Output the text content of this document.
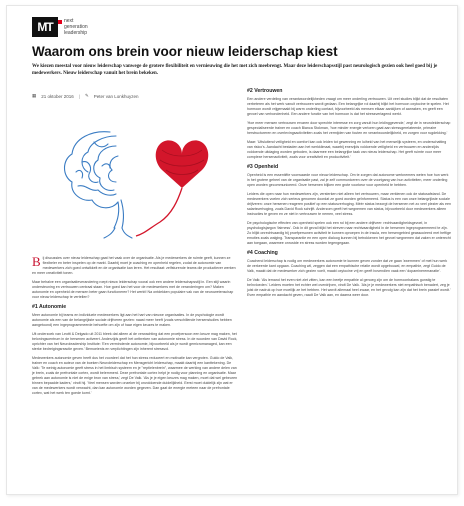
MT	next
generation
leadership
Waarom ons brein voor nieuw leiderschap kiest
We kiezen meestal voor nieuw leiderschap vanwege de grotere flexibiliteit en vernieuwing die het met zich meebrengt. Maar deze leiderschapsstijl past neurologisch gezien ook heel goed bij je medewerkers. Nieuw leiderschap vanuit het brein bekeken.
▦ 21 oktober 2016 | ✎ Peter van Lonkhuyzen

Bij discussies over nieuw leiderschap gaat het vaak over de organisatie. Als je medewerkers de ruimte geeft, kunnen ze flexibeler en beter inspelen op de markt. Daarbij moet je coaching en openheid regelen, zodat de autonomie van medewerkers zich goed ontwikkelt en de organisatie kan leren. Het resultaat: zelfsturende teams die productiever werken en meer creativiteit tonen.

Maar behalve een organisatieverandering roept nieuw leiderschap vooral ook een andere leiderschapsstijl in. Een stijl waarin ondersteuning en vertrouwen centraal staan. Hoe goed kan het voor de medewerkers met de veranderingen om? Maken autonomie en openheid de mensen beter gaan functioneren? Het werkt! Na ontdekken populaire vak van de neurowetenschap voor nieuw leiderschap te vertellen?

#1 Autonomie

Meer autonomie bij teams en individuele medewerkers ligt aan het hart van nieuwe organisaties. In de psychologie wordt autonomie als een van de belangrijkste sociale drijfveren gezien: naast meer heeft (zoals verschillende hersenstudies hebben aangetoond) een ingeprogrammeerde behoefte om zijn of haar eigen keuzes te maken.

Uit onderzoek van Leotti & Delgado uit 2011 bleek dat alleen al de verwachting dat een proefpersoon een keuze mag maken, het beloningscentrum in de hersenen activeert. Anderzijds geeft het ontbreken van autonomie stress. In de woorden van David Rock, oprichter van het Neuroleadership Institute: 'Een verminderde autonomie, bijvoorbeeld als je wordt gemicromanaged, kan een sterke bedreigingsreactie geven.' Bemoeienis en verplichtingen zijn inherent stressvol.

Medewerkers autonomie geven heeft dus het voordeel dat het hun stress reduceert en motivatie kan vergroten. Guido de Valk, trainer en coach en auteur van de boeken Neuroleiderschap en Mensgericht leiderschap, maakt daarbij een kanttekening. De Valk: 'Te weinig autonomie geeft stress in het limbisch systeem en je "reptielenbrein", waarmee de werking van andere delen van je brein, zoals de prefrontale cortex, wordt belemmerd. Deze prefrontale cortex helpt je nodig voor planning en organisatie. Maar gebrek aan autonomie is niet de enige bron van stress,' zegt De Valk. 'Als je je eigen keuzes mag maken, moet dat wel gebeuren binnen bepaalde kaders,' vindt hij. 'Veel mensen worden onzeker bij onvoldoende duidelijkheid. Eerst moet duidelijk zijn wat er van de medewerkers wordt verwacht, dan kan autonomie worden gegeven. Dan gaat de energie meteen naar de prefrontale cortex, wat het werk ten goede komt.'

#2 Vertrouwen

Een andere verdeling van verantwoordelijkheden vraagt om meer onderling vertrouwen. Uit veel studies blijkt dat de resultaten verbeteren als het werk vanuit vertrouwen wordt gedaan. Een belangrijke rol daarbij blijkt het hormoon oxytocine te spelen. Het hormoon wordt vrijgemaakt bij warm onderling contact, bijvoorbeeld als mensen elkaar aankijken of aanraken, en geeft een gevoel van verbondenheid. Een andere functie van het hormoon is dat het stressverlagend werkt.

'Hoe meer mensen vertrouwen ervaren door sprechte interesse en zorg vanuit hun leidinggevende,' zegt de in neuroleiderschap gespecialiseerde trainer en coach Bianca Stokman, 'hoe minder energie verloren gaat aan stressgerelateerde, primaire herstructureren en overlevingsactiviteiten zoals het vermijden van fouten en verantwoordelijkheid, en zorgen voor rugdekking.'

Maar: 'Uitsluitend veiligheid en comfort kan ook leiden tot gewenning en luiheid van het menselijk systeem, en onderschatting van risico's. Aandacht bestaden aan het werkklimaat, waarbij enerzijds voldoende veiligheid en vertrouwen en anderzijds voldoende uitdaging worden geboden, is daarmee een belangrijke taak van nieuw leiderschap. Het geeft ruimte voor meer complexe hersenactiviteit, zoals voor creativiteit en productiviteit.'

#3 Openheid

Openheid is een essentiële voorwaarde voor nieuw leiderschap. Om te zorgen dat autonome werknemers weten hoe hun werk in het grotere geheel van de organisatie past, zal je zelf communiceren over de voortgang van hun activiteiten, meer onderling open worden gecommuniceerd. Onze hersenen blijken een grote voorkeur voor openheid te hebben.

Leiders die open naar hun medewerkers zijn, versterken niet alleen het vertrouwen, maar verklenen ook de statusafstand. De medewerkers voelen zich serieus genomen doordat ze goed worden geïnformeerd. Status is een van onze belangrijkste sociale drijfveren: onze hersenen reageren positief op een statusverhoging. Méér status bezorgt de hersenen net zo veel plezier als een salarisverhoging, zoals David Rock schrijft. Anderzom geeft het wegnemen van status, bijvoorbeeld door medewerkers alleen instructies te geven en ze niet in vertrouwen te nemen, veel stress.

De psychologische effecten van openheid spelen ook een rol bij een andere drijfveer: rechtvaardigheidsgevoel, in psychologisjargon 'fairness'. Ook in dit geval blijkt het streven naar rechtvaardigheid in de hersenen ingeprogrammeerd te zijn. Zo blijkt onrechtvaardig bij proefpersonen activiteit te kunnen oproepen in de insula, een hersengebied geassocieerd met heftige emoties zoals walging. Transparantie en een open dialoog kunnen bij betrokkenen het gevoel wegnemen dat zaken er onterecht aan toegaan, waarmee onrustde en stress worden tegengegaan.

#4 Coaching

Coachend leiderschap is nodig om medewerkers autonomie te kunnen geven zonder dat ze gaan 'zwemmen' of met hun werk de verkeerde kant opgaan. Coaching wil, zeggen dat een empathische relatie wordt opgebouwd, en empathie, zegt Guido de Valk, maakt dat de medewerker zich gezien voelt, maakt oxytocine vrij en geeft bovendien vaak een 'dopamineremanatie'.

De Valk: 'Als iemand het even niet ziet zitten, kan een beetje empathie al genoeg zijn om de hormoonbalans gunstig te beïnvloeden.' Leiders moeten het echter wel overdrijven, vindt De Valk. 'Als je je medewerkers niet empathisch benadert, zeg je juist de nadruk op hoe moeilijk ze het hebben. Het wordt allemaal heel zwaar, en het gevolg kan zijn dat het brein passief wordt.' Even empathie en aandacht geven, raadt De Valk aan, en daarna weer door.
